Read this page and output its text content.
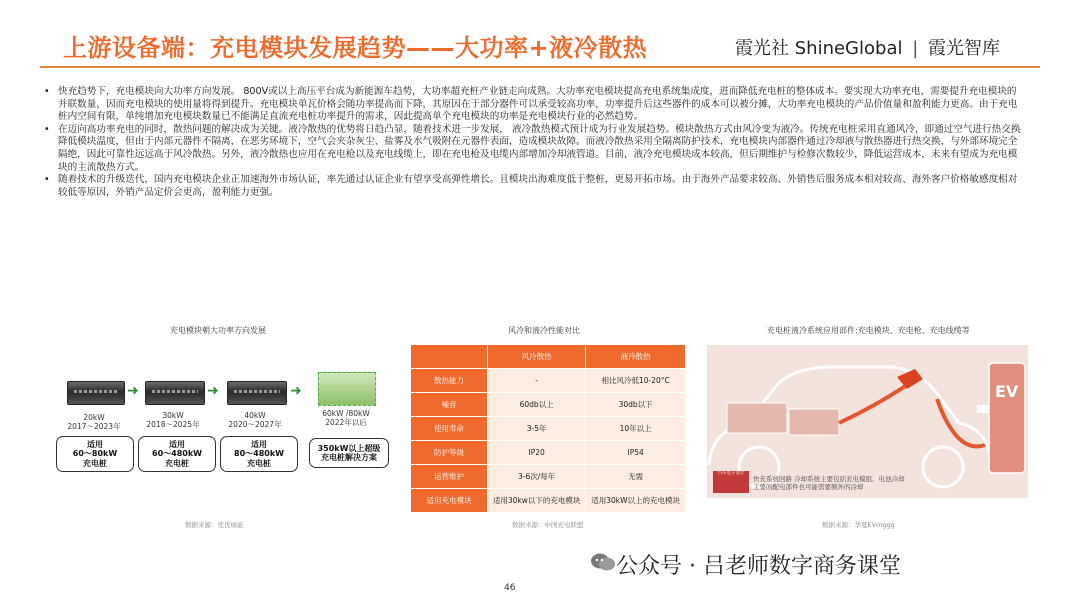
上游设备端：充电模块发展趋势——大功率+液冷散热	霞光社 ShineGlobal | 霞光智库

• 快充趋势下，充电模块向大功率方向发展。 800V或以上高压平台成为新能源车趋势，大功率超充桩产业链走向成熟。大功率充电模块提高充电系统集成度，进而降低充电桩的整体成本。要实现大功率充电，需要提升充电模块的并联数量，因而充电模块的使用量将得到提升。充电模块单瓦价格会随功率提高而下降，其原因在于部分器件可以承受较高功率，功率提升后这些器件的成本可以被分摊，大功率充电模块的产品价值量和盈利能力更高。由于充电桩内空间有限，单纯增加充电模块数量已不能满足直流充电桩功率提升的需求，因此提高单个充电模块的功率是充电模块行业的必然趋势。

• 在迈向高功率充电的同时，散热问题的解决成为关键。液冷散热的优势将日趋凸显，随着技术进一步发展， 液冷散热模式预计成为行业发展趋势。模块散热方式由风冷变为液冷。传统充电桩采用直通风冷，即通过空气进行热交换降低模块温度，但由于内部元器件不隔离，在恶劣环境下，空气会夹杂灰尘、盐雾及水气吸附在元器件表面，造成模块故障。而液冷散热采用全隔离防护技术，充电模块内部器件通过冷却液与散热器进行热交换，与外部环境完全隔绝，因此可靠性远远高于风冷散热。另外，液冷散热也应用在充电枪以及充电线缆上，即在充电枪及电缆内部增加冷却液管道。目前，液冷充电模块成本较高，但后期维护与检修次数较少，降低运营成本，未来有望成为充电模块的主流散热方式。

• 随着技术的升级迭代，国内充电模块企业正加速海外市场认证，率先通过认证企业有望享受高弹性增长。且模块出海难度低于整桩，更易开拓市场。由于海外产品要求较高、外销售后服务成本相对较高、海外客户价格敏感度相对较低等原因，外销产品定价会更高，盈利能力更强。

充电模块朝大功率方向发展
➜	➜	➜
20kW
2017～2023年
30kW
2018～2025年
40kW
2020～2027年
60kW /80kW
2022年以后
适用
60～80kW
充电桩
适用
60～480kW
充电桩
适用
80～480kW
充电桩
350kW以上超级
充电桩解决方案
数据来源：优优绿能
风冷和液冷性能对比
	风冷散热	液冷散热
散热能力	-	相比风冷低10-20°C
噪音	60db以上	30db以下
使用寿命	3-5年	10年以上
防护等级	IP20	IP54
运营维护	3-6次/每年	无需
适用充电模块	适用30kw以下的充电模块	适用30kW以上的充电模块
数据来源：中国充电联盟
充电桩液冷系统应用部件:充电模块、充电枪、充电线缆等
EV
汽车电子设计
快充系统回路 冷却系统主要包括充电模组、电池冷却
主要的配电部件也可能需要额外的冷却
数据来源：华夏EVmggg
公众号 · 吕老师数字商务课堂
46
